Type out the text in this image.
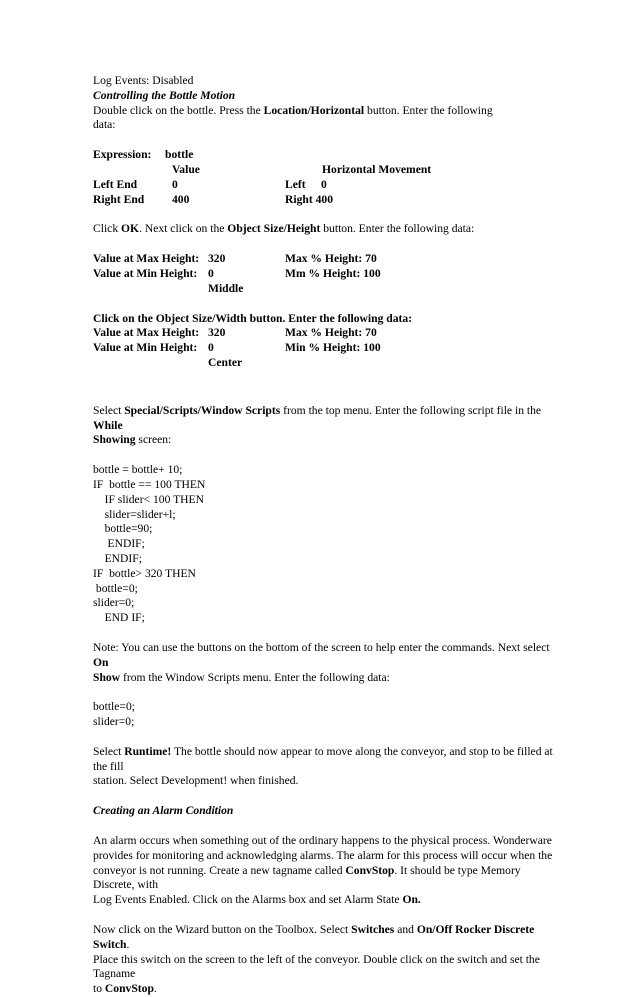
Log Events: Disabled

Controlling the Bottle Motion

Double click on the bottle. Press the Location/Horizontal button. Enter the following

data:

Expression: bottle
Value	Horizontal Movement
Left End	0	Left 0
Right End 400	Right 400

Click OK. Next click on the Object Size/Height button. Enter the following data:

Value at Max Height: 320	Max % Height: 70
Value at Min Height: 0	Mm % Height: 100
Middle

Click on the Object Size/Width button. Enter the following data:

Value at Max Height: 320	Max % Height: 70
Value at Min Height: 0	Min % Height: 100
Center

Select Special/Scripts/Window Scripts from the top menu. Enter the following script file in the While

Showing screen:

bottle = bottle+ 10;

IF  bottle == 100 THEN

IF slider< 100 THEN

slider=slider+l;

bottle=90;

ENDIF;

ENDIF;

IF  bottle> 320 THEN

bottle=0;

slider=0;

END IF;

Note: You can use the buttons on the bottom of the screen to help enter the commands. Next select On

Show from the Window Scripts menu. Enter the following data:

bottle=0;

slider=0;

Select Runtime! The bottle should now appear to move along the conveyor, and stop to be filled at the fill

station. Select Development! when finished.

Creating an Alarm Condition

An alarm occurs when something out of the ordinary happens to the physical process. Wonderware

provides for monitoring and acknowledging alarms. The alarm for this process will occur when the

conveyor is not running. Create a new tagname called ConvStop. It should be type Memory Discrete, with

Log Events Enabled. Click on the Alarms box and set Alarm State On.

Now click on the Wizard button on the Toolbox. Select Switches and On/Off Rocker Discrete Switch.

Place this switch on the screen to the left of the conveyor. Double click on the switch and set the Tagname

to ConvStop.
